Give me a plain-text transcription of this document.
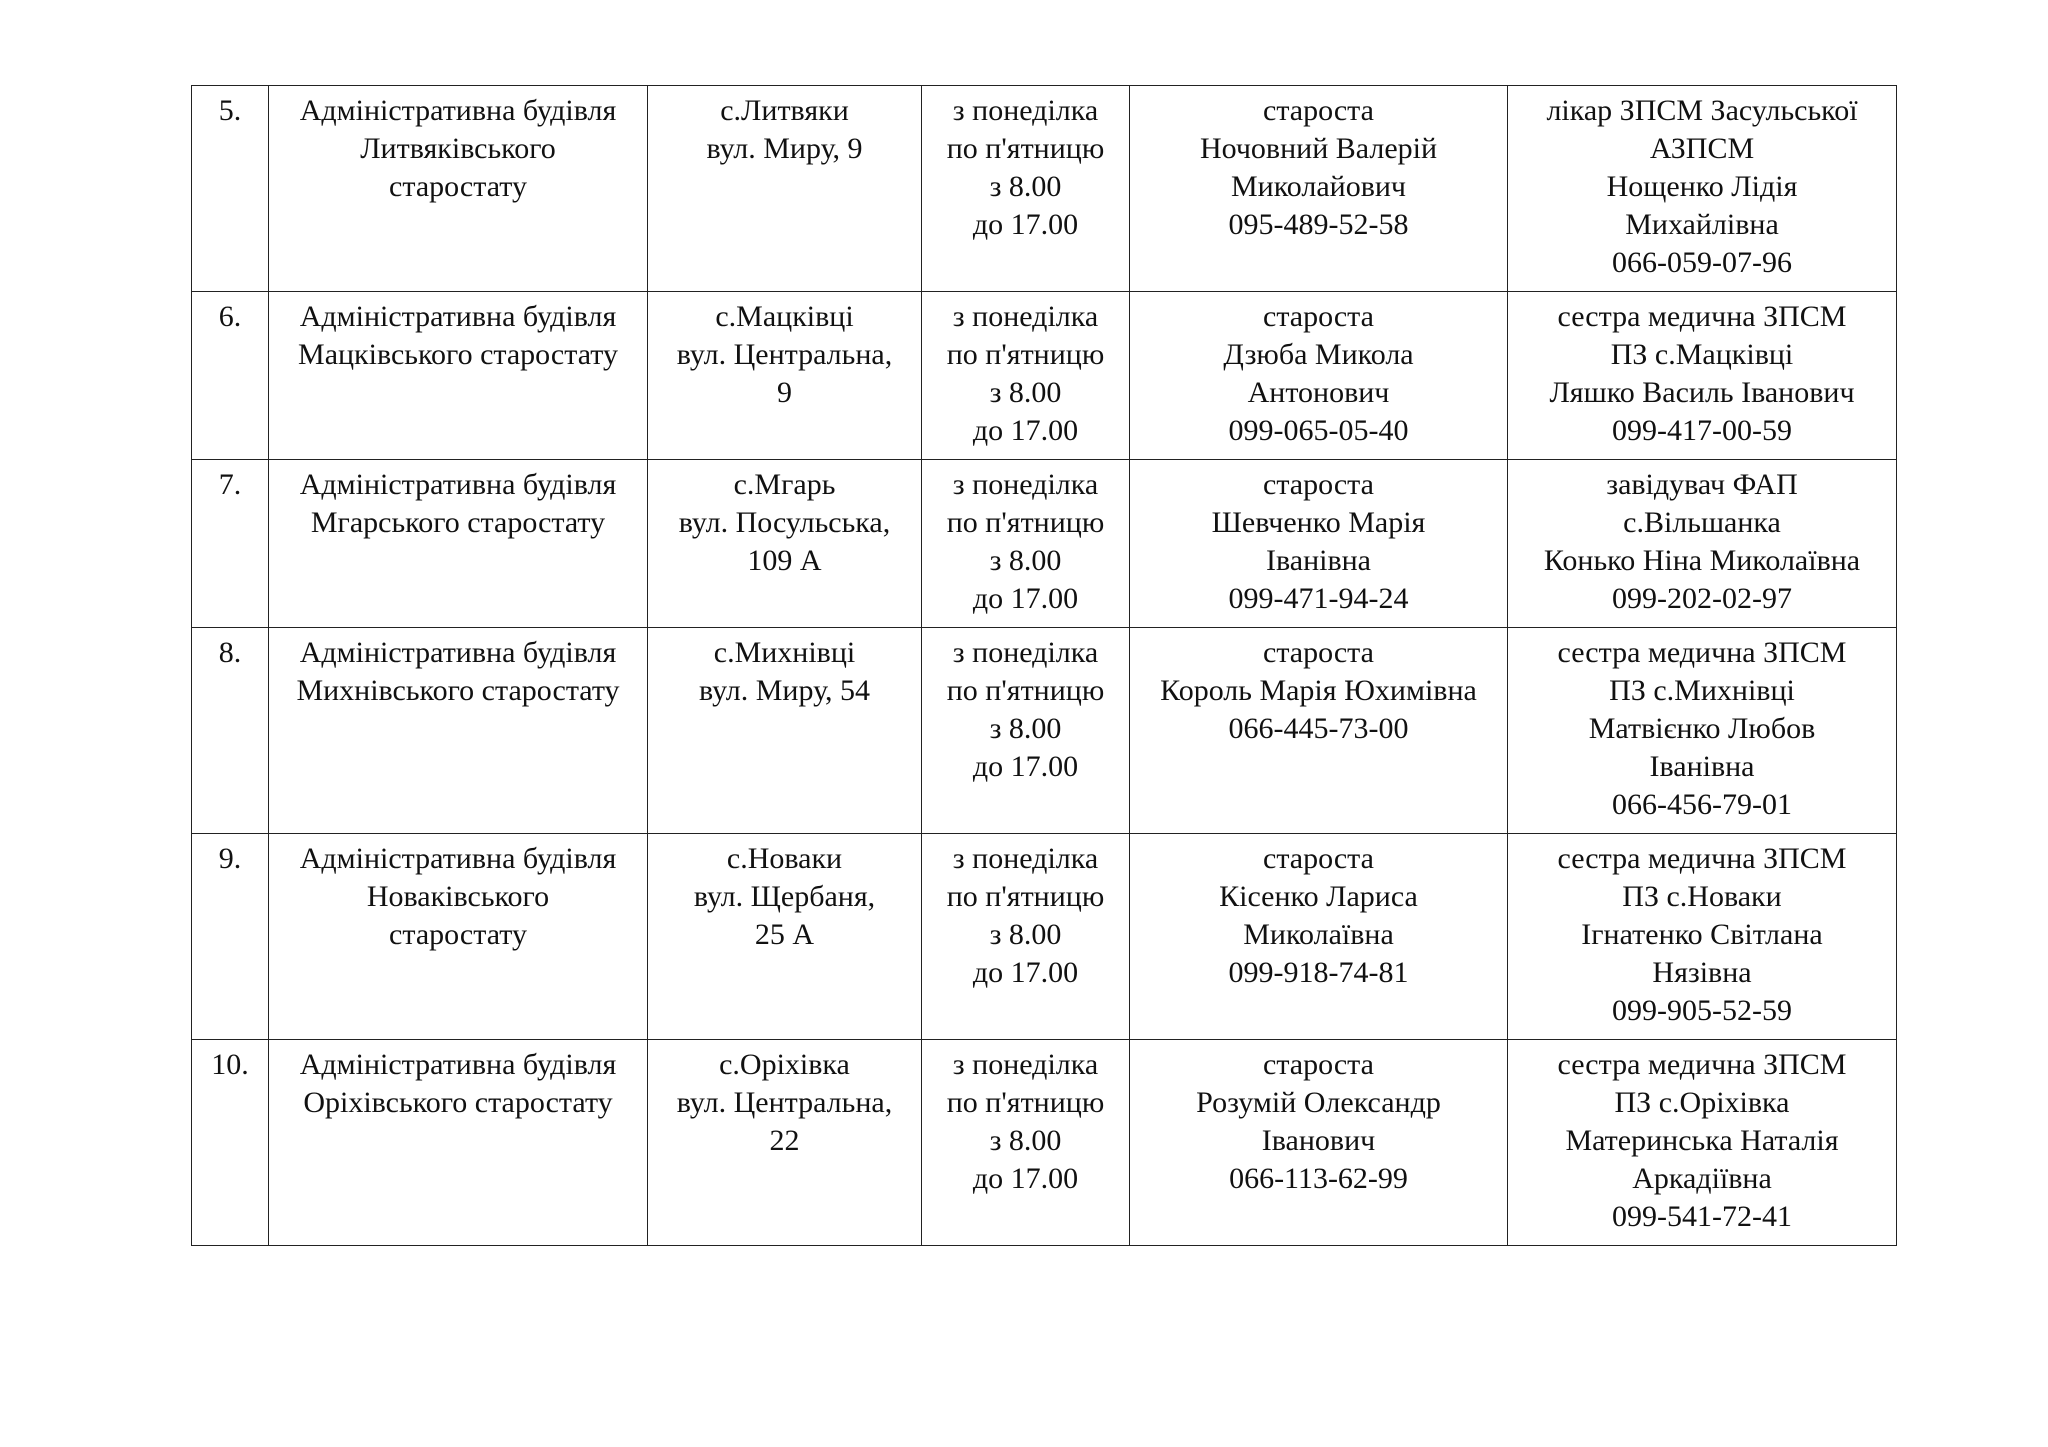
5.	Адміністративна будівля
Литвяківського
старостату	с.Литвяки
вул. Миру, 9	з понеділка
по п'ятницю
з 8.00
до 17.00	староста
Ночовний Валерій
Миколайович
095-489-52-58	лікар ЗПСМ Засульської
АЗПСМ
Нощенко Лідія
Михайлівна
066-059-07-96

6.	Адміністративна будівля
Мацківського старостату	с.Мацківці
вул. Центральна,
9	з понеділка
по п'ятницю
з 8.00
до 17.00	староста
Дзюба Микола
Антонович
099-065-05-40	сестра медична ЗПСМ
ПЗ с.Мацківці
Ляшко Василь Іванович
099-417-00-59

7.	Адміністративна будівля
Мгарського старостату	с.Мгарь
вул. Посульська,
109 А	з понеділка
по п'ятницю
з 8.00
до 17.00	староста
Шевченко Марія
Іванівна
099-471-94-24	завідувач ФАП
с.Вільшанка
Конько Ніна Миколаївна
099-202-02-97

8.	Адміністративна будівля
Михнівського старостату	с.Михнівці
вул. Миру, 54	з понеділка
по п'ятницю
з 8.00
до 17.00	староста
Король Марія Юхимівна
066-445-73-00	сестра медична ЗПСМ
ПЗ с.Михнівці
Матвієнко Любов
Іванівна
066-456-79-01

9.	Адміністративна будівля
Новаківського
старостату	с.Новаки
вул. Щербаня,
25 А	з понеділка
по п'ятницю
з 8.00
до 17.00	староста
Кісенко Лариса
Миколаївна
099-918-74-81	сестра медична ЗПСМ
ПЗ с.Новаки
Ігнатенко Світлана
Нязівна
099-905-52-59

10.	Адміністративна будівля
Оріхівського старостату	с.Оріхівка
вул. Центральна,
22	з понеділка
по п'ятницю
з 8.00
до 17.00	староста
Розумій Олександр
Іванович
066-113-62-99	сестра медична ЗПСМ
ПЗ с.Оріхівка
Материнська Наталія
Аркадіївна
099-541-72-41
